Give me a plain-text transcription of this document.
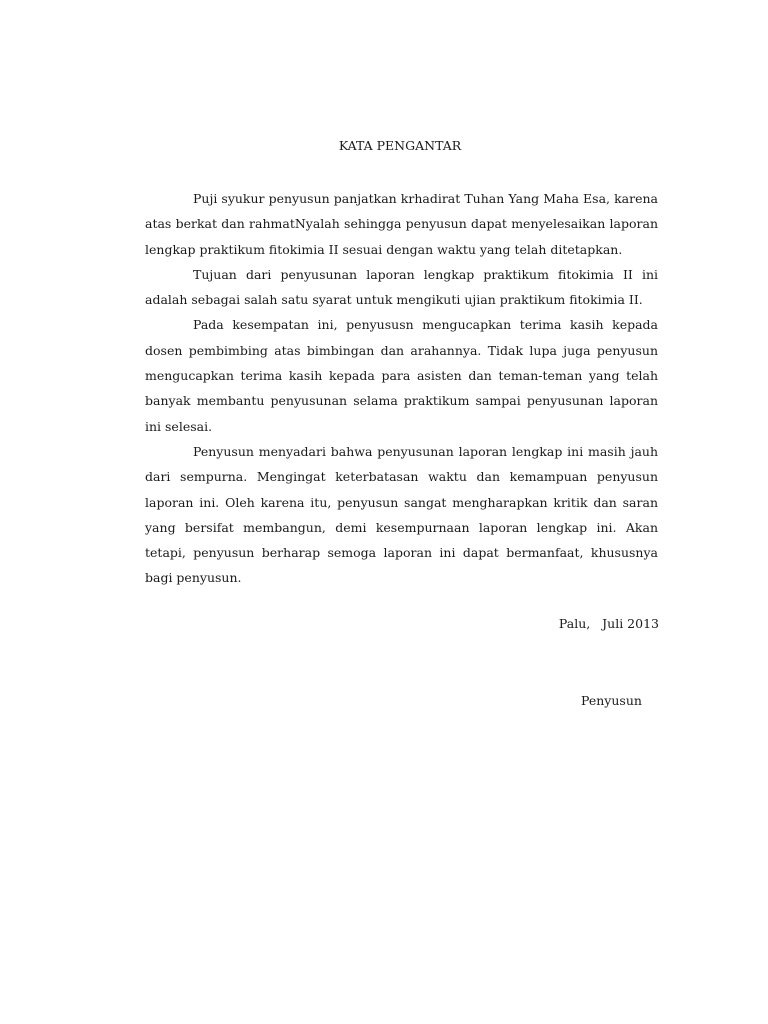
KATA PENGANTAR

Puji syukur penyusun panjatkan krhadirat Tuhan Yang Maha Esa, karena atas berkat dan rahmatNyalah sehingga penyusun dapat menyelesaikan laporan lengkap praktikum fitokimia II sesuai dengan waktu yang telah ditetapkan.

Tujuan dari penyusunan laporan lengkap praktikum fitokimia II ini adalah sebagai salah satu syarat untuk mengikuti ujian praktikum fitokimia II.

Pada kesempatan ini, penyususn mengucapkan terima kasih kepada dosen pembimbing atas bimbingan dan arahannya. Tidak lupa juga penyusun mengucapkan terima kasih kepada para asisten dan teman-teman yang telah banyak membantu penyusunan selama praktikum sampai penyusunan laporan ini selesai.

Penyusun menyadari bahwa penyusunan laporan lengkap ini masih jauh dari sempurna. Mengingat keterbatasan waktu dan kemampuan penyusun laporan ini. Oleh karena itu, penyusun sangat mengharapkan kritik dan saran yang bersifat membangun, demi kesempurnaan laporan lengkap ini. Akan tetapi, penyusun berharap semoga laporan ini dapat bermanfaat, khususnya bagi penyusun.

Palu,   Juli 2013
Penyusun
